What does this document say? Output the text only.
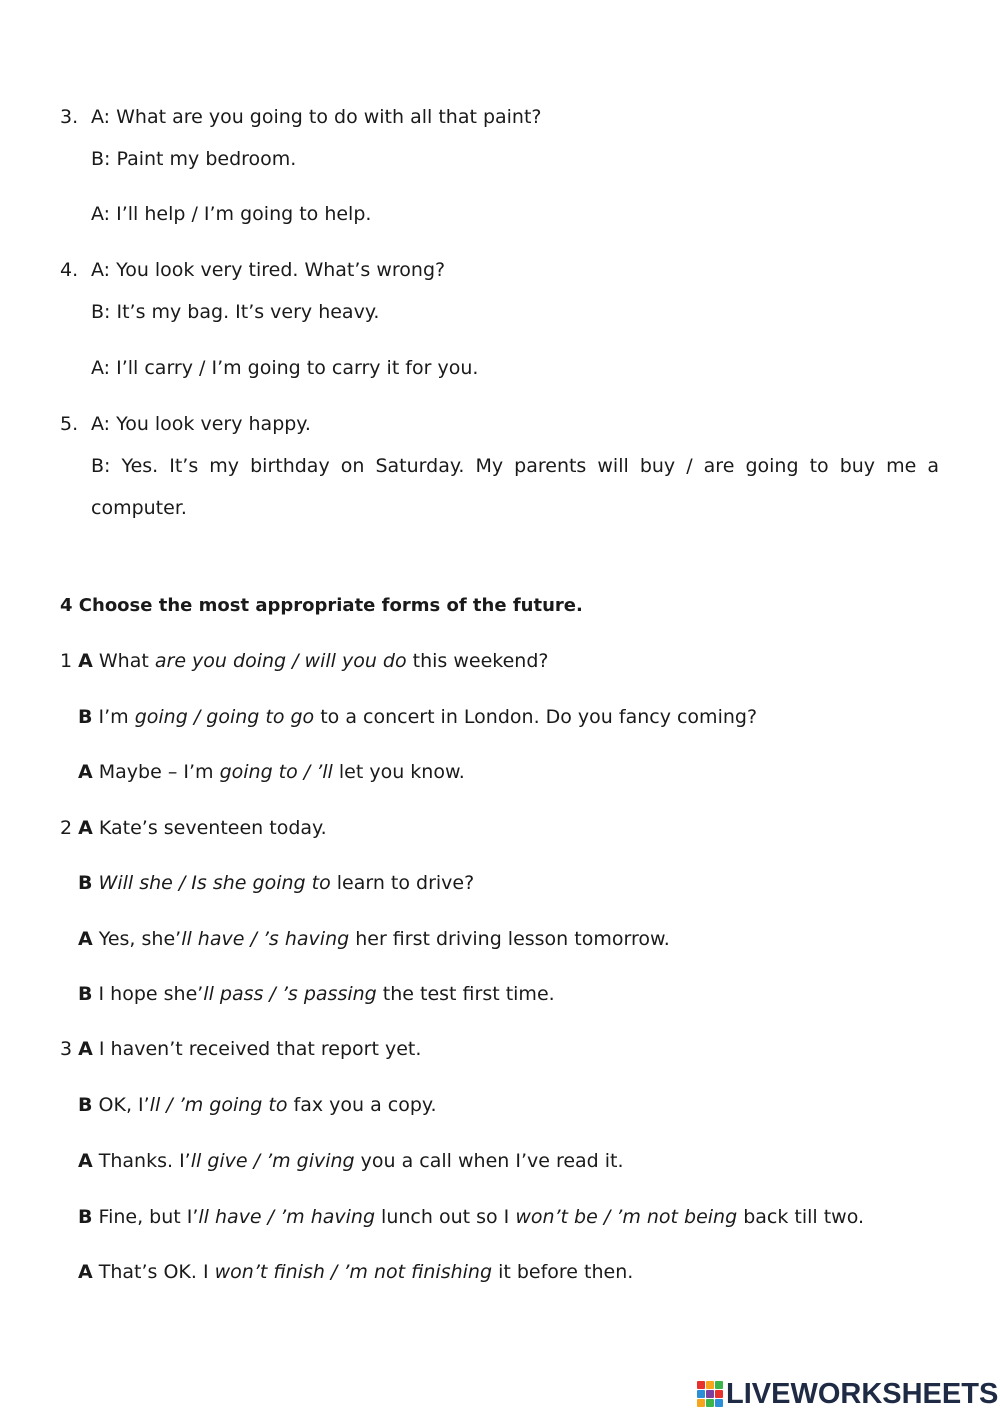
3. A: What are you going to do with all that paint?
B: Paint my bedroom.
A: I’ll help / I’m going to help.
4. A: You look very tired. What’s wrong?
B: It’s my bag. It’s very heavy.
A: I’ll carry / I’m going to carry it for you.
5. A: You look very happy.
B: Yes. It’s my birthday on Saturday. My parents will buy / are going to buy me a
computer.
4 Choose the most appropriate forms of the future.
1 A What are you doing / will you do this weekend?
B I’m going / going to go to a concert in London. Do you fancy coming?
A Maybe – I’m going to / ’ll let you know.
2 A Kate’s seventeen today.
B Will she / Is she going to learn to drive?
A Yes, she’ll have / ’s having her first driving lesson tomorrow.
B I hope she’ll pass / ’s passing the test first time.
3 A I haven’t received that report yet.
B OK, I’ll / ’m going to fax you a copy.
A Thanks. I’ll give / ’m giving you a call when I’ve read it.
B Fine, but I’ll have / ’m having lunch out so I won’t be / ’m not being back till two.
A That’s OK. I won’t finish / ’m not finishing it before then.
LIVEWORKSHEETS
